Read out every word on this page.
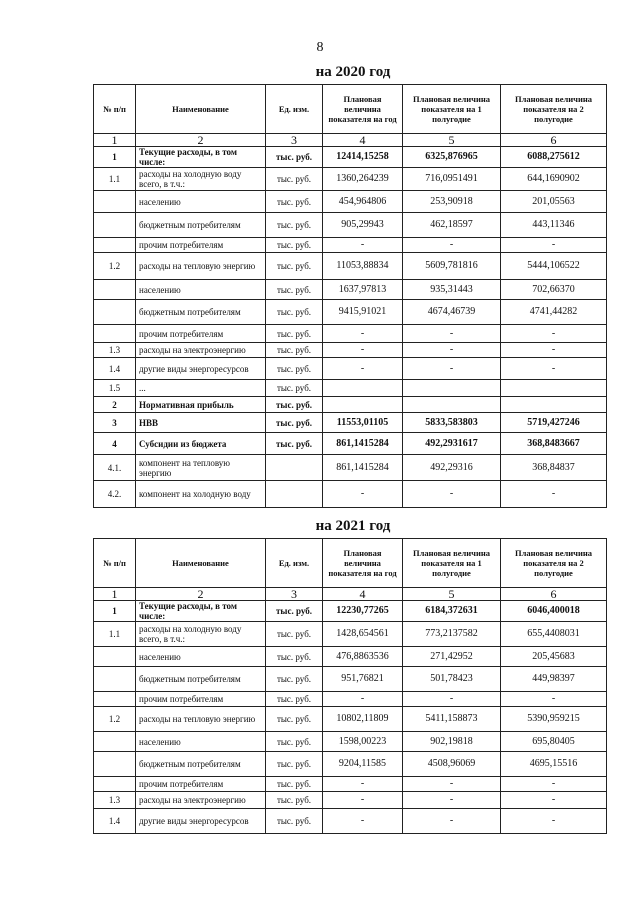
8
на 2020 год
№ п/п	Наименование	Ед. изм.	Плановая величина показателя на год	Плановая величина показателя на 1 полугодие	Плановая величина показателя на 2 полугодие
1	2	3	4	5	6
1	Текущие расходы, в том числе:	тыс. руб.	12414,15258	6325,876965	6088,275612
1.1	расходы на холодную воду всего, в т.ч.:	тыс. руб.	1360,264239	716,0951491	644,1690902
	населению	тыс. руб.	454,964806	253,90918	201,05563
	бюджетным потребителям	тыс. руб.	905,29943	462,18597	443,11346
	прочим потребителям	тыс. руб.	-	-	-
1.2	расходы на тепловую энергию	тыс. руб.	11053,88834	5609,781816	5444,106522
	населению	тыс. руб.	1637,97813	935,31443	702,66370
	бюджетным потребителям	тыс. руб.	9415,91021	4674,46739	4741,44282
	прочим потребителям	тыс. руб.	-	-	-
1.3	расходы на электроэнергию	тыс. руб.	-	-	-
1.4	другие виды энергоресурсов	тыс. руб.	-	-	-
1.5	...	тыс. руб.			
2	Нормативная прибыль	тыс. руб.			
3	НВВ	тыс. руб.	11553,01105	5833,583803	5719,427246
4	Субсидии из бюджета	тыс. руб.	861,1415284	492,2931617	368,8483667
4.1.	компонент на тепловую энергию		861,1415284	492,29316	368,84837
4.2.	компонент на холодную воду		-	-	-
на 2021 год
№ п/п	Наименование	Ед. изм.	Плановая величина показателя на год	Плановая величина показателя на 1 полугодие	Плановая величина показателя на 2 полугодие
1	2	3	4	5	6
1	Текущие расходы, в том числе:	тыс. руб.	12230,77265	6184,372631	6046,400018
1.1	расходы на холодную воду всего, в т.ч.:	тыс. руб.	1428,654561	773,2137582	655,4408031
	населению	тыс. руб.	476,8863536	271,42952	205,45683
	бюджетным потребителям	тыс. руб.	951,76821	501,78423	449,98397
	прочим потребителям	тыс. руб.	-	-	-
1.2	расходы на тепловую энергию	тыс. руб.	10802,11809	5411,158873	5390,959215
	населению	тыс. руб.	1598,00223	902,19818	695,80405
	бюджетным потребителям	тыс. руб.	9204,11585	4508,96069	4695,15516
	прочим потребителям	тыс. руб.	-	-	-
1.3	расходы на электроэнергию	тыс. руб.	-	-	-
1.4	другие виды энергоресурсов	тыс. руб.	-	-	-
